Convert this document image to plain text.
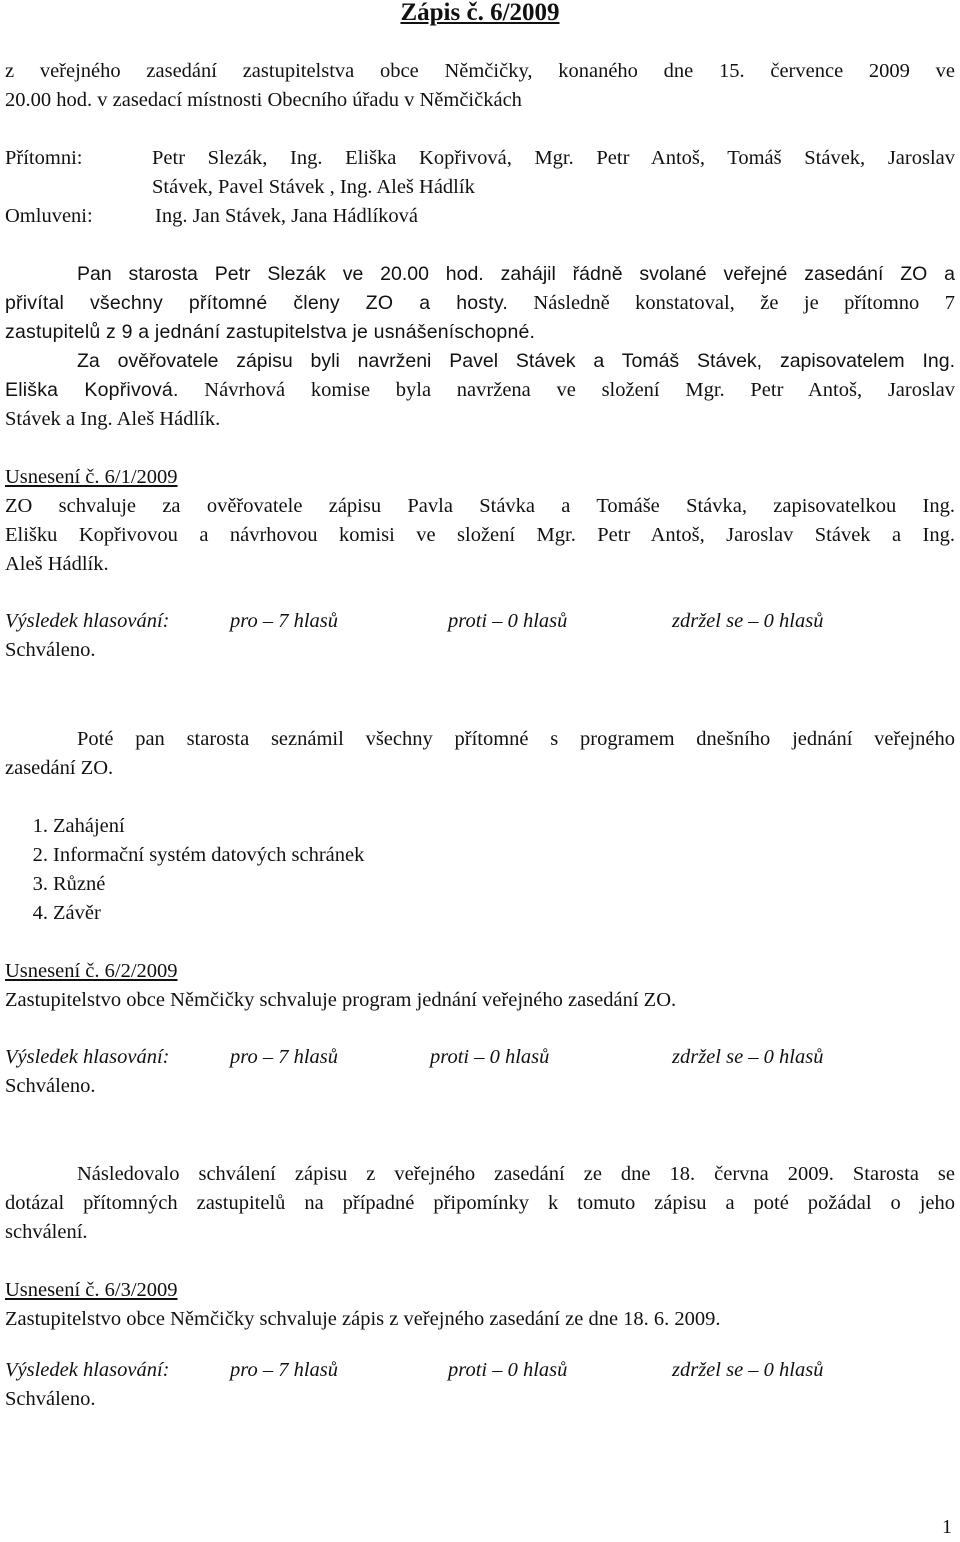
Zápis č. 6/2009
z veřejného zasedání zastupitelstva obce Němčičky, konaného dne 15. července 2009 ve
20.00 hod. v zasedací místnosti Obecního úřadu v Němčičkách
Přítomni:	Petr Slezák, Ing. Eliška Kopřivová, Mgr. Petr Antoš, Tomáš Stávek, Jaroslav
Stávek, Pavel Stávek , Ing. Aleš Hádlík
Omluveni:	Ing. Jan Stávek, Jana Hádlíková
Pan starosta Petr Slezák ve 20.00 hod. zahájil řádně svolané veřejné zasedání ZO a
přivítal všechny přítomné členy ZO a hosty. Následně konstatoval, že je přítomno 7
zastupitelů z 9 a jednání zastupitelstva je usnášeníschopné.
Za ověřovatele zápisu byli navrženi Pavel Stávek a Tomáš Stávek, zapisovatelem Ing.
Eliška Kopřivová. Návrhová komise byla navržena ve složení Mgr. Petr Antoš, Jaroslav
Stávek a Ing. Aleš Hádlík.
Usnesení č. 6/1/2009
ZO schvaluje za ověřovatele zápisu Pavla Stávka a Tomáše Stávka, zapisovatelkou Ing.
Elišku Kopřivovou a návrhovou komisi ve složení Mgr. Petr Antoš, Jaroslav Stávek a Ing.
Aleš Hádlík.
Výsledek hlasování:	pro – 7 hlasů	proti – 0 hlasů	zdržel se – 0 hlasů
Schváleno.
Poté pan starosta seznámil všechny přítomné s programem dnešního jednání veřejného
zasedání ZO.
1. Zahájení
2. Informační systém datových schránek
3. Různé
4. Závěr
Usnesení č. 6/2/2009
Zastupitelstvo obce Němčičky schvaluje program jednání veřejného zasedání ZO.
Výsledek hlasování:	pro – 7 hlasů	proti – 0 hlasů	zdržel se – 0 hlasů
Schváleno.
Následovalo schválení zápisu z veřejného zasedání ze dne 18. června 2009. Starosta se
dotázal přítomných zastupitelů na případné připomínky k tomuto zápisu a poté požádal o jeho
schválení.
Usnesení č. 6/3/2009
Zastupitelstvo obce Němčičky schvaluje zápis z veřejného zasedání ze dne 18. 6. 2009.
Výsledek hlasování:	pro – 7 hlasů	proti – 0 hlasů	zdržel se – 0 hlasů
Schváleno.
1
